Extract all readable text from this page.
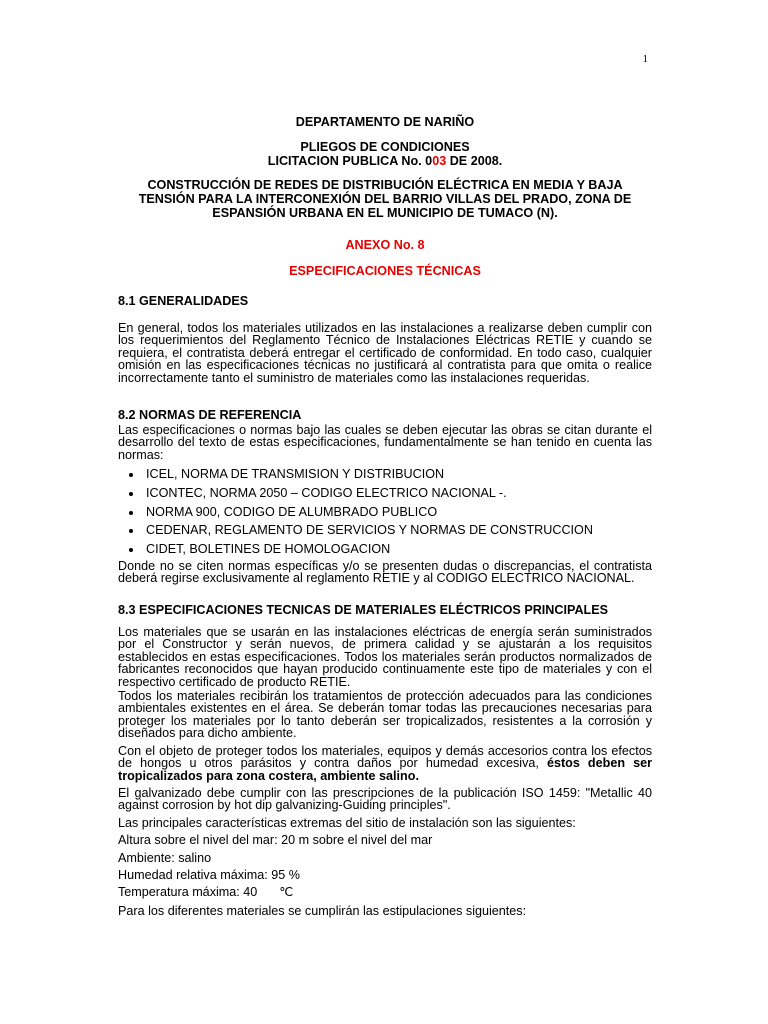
1
DEPARTAMENTO DE NARIÑO
PLIEGOS DE CONDICIONES
LICITACION PUBLICA No. 003 DE 2008.
CONSTRUCCIÓN DE REDES DE DISTRIBUCIÓN ELÉCTRICA EN MEDIA Y BAJA TENSIÓN PARA LA INTERCONEXIÓN DEL BARRIO VILLAS DEL PRADO, ZONA DE ESPANSIÓN URBANA EN EL MUNICIPIO DE TUMACO (N).
ANEXO No. 8
ESPECIFICACIONES TÉCNICAS
8.1 GENERALIDADES

En general, todos los materiales utilizados en las instalaciones a realizarse deben cumplir con los requerimientos del Reglamento Técnico de Instalaciones Eléctricas RETIE y cuando se requiera, el contratista deberá entregar el certificado de conformidad. En todo caso, cualquier omisión en las especificaciones técnicas no justificará al contratista para que omita o realice incorrectamente tanto el suministro de materiales como las instalaciones requeridas.

8.2 NORMAS DE REFERENCIA

Las especificaciones o normas bajo las cuales se deben ejecutar las obras se citan durante el desarrollo del texto de estas especificaciones, fundamentalmente se han tenido en cuenta las normas:

ICEL, NORMA DE TRANSMISION Y DISTRIBUCION
ICONTEC, NORMA 2050 – CODIGO ELECTRICO NACIONAL -.
NORMA 900, CODIGO DE ALUMBRADO PUBLICO
CEDENAR, REGLAMENTO DE SERVICIOS Y NORMAS DE CONSTRUCCION
CIDET, BOLETINES DE HOMOLOGACION

Donde no se citen normas específicas y/o se presenten dudas o discrepancias, el contratista deberá regirse exclusivamente al reglamento RETIE y al CODIGO ELECTRICO NACIONAL.

8.3 ESPECIFICACIONES TECNICAS DE MATERIALES ELÉCTRICOS PRINCIPALES

Los materiales que se usarán en las instalaciones eléctricas de energía serán suministrados por el Constructor y serán nuevos, de primera calidad y se ajustarán a los requisitos establecidos en estas especificaciones. Todos los materiales serán productos normalizados de fabricantes reconocidos que hayan producido continuamente este tipo de materiales y con el respectivo certificado de producto RETIE.

Todos los materiales recibirán los tratamientos de protección adecuados para las condiciones ambientales existentes en el área. Se deberán tomar todas las precauciones necesarias para proteger los materiales por lo tanto deberán ser tropicalizados, resistentes a la corrosión y diseñados para dicho ambiente.

Con el objeto de proteger todos los materiales, equipos y demás accesorios contra los efectos de hongos u otros parásitos y contra daños por humedad excesiva, éstos deben ser tropicalizados para zona costera, ambiente salino.

El galvanizado debe cumplir con las prescripciones de la publicación ISO 1459: "Metallic 40 against corrosion by hot dip galvanizing-Guiding principles".

Las principales características extremas del sitio de instalación son las siguientes:

Altura sobre el nivel del mar: 20 m sobre el nivel del mar

Ambiente: salino

Humedad relativa máxima: 95 %

Temperatura máxima: 40 ℃

Para los diferentes materiales se cumplirán las estipulaciones siguientes:
